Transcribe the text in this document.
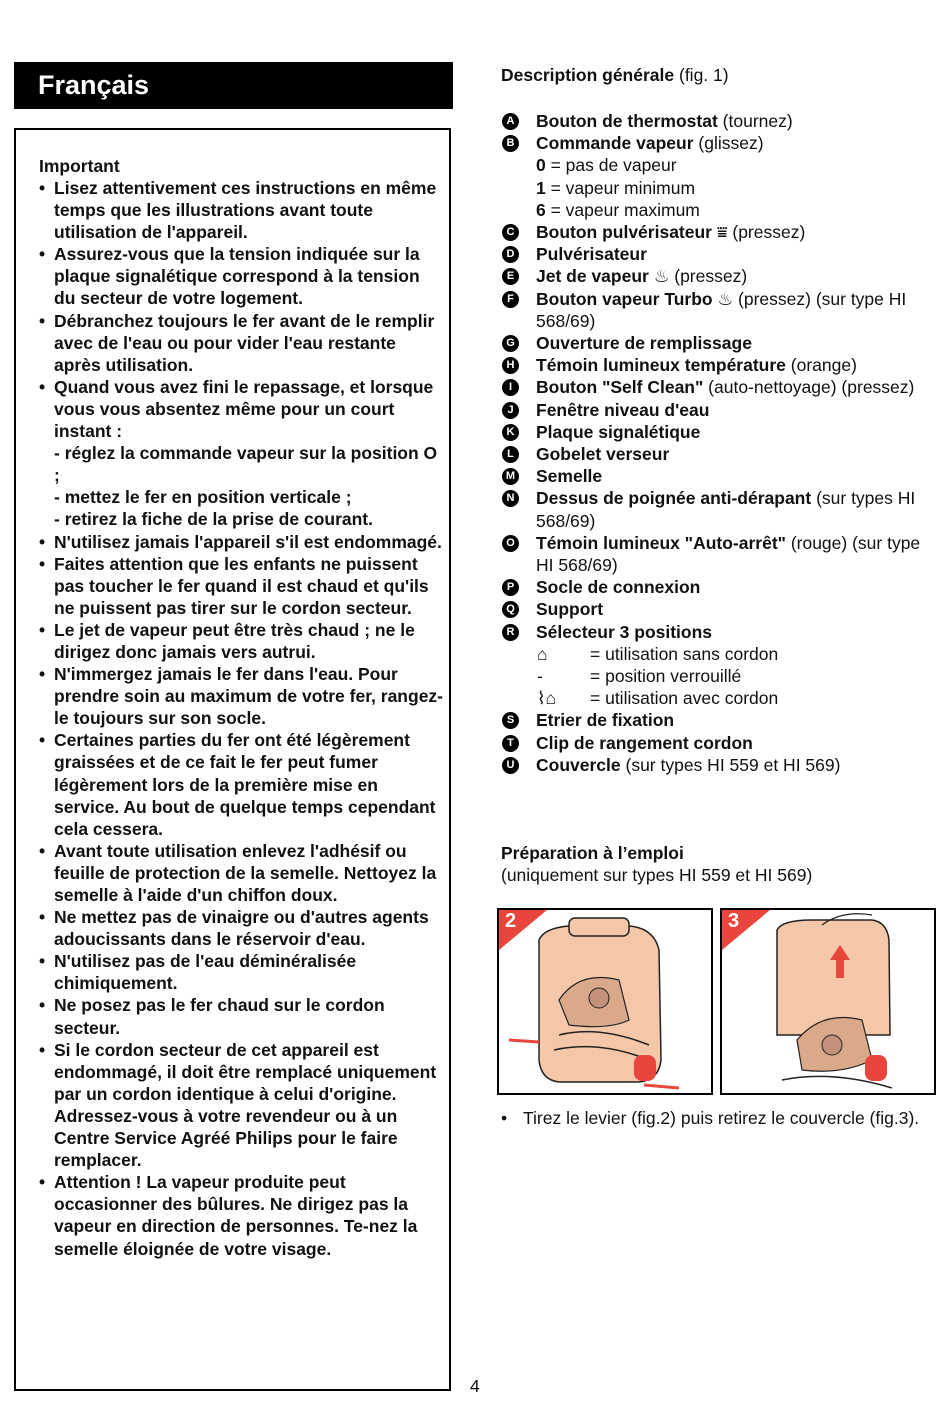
Français
Important
• Lisez attentivement ces instructions en même temps que les illustrations avant toute utilisation de l'appareil.
• Assurez-vous que la tension indiquée sur la plaque signalétique correspond à la tension du secteur de votre logement.
• Débranchez toujours le fer avant de le remplir avec de l'eau ou pour vider l'eau restante après utilisation.
• Quand vous avez fini le repassage, et lorsque vous vous absentez même pour un court instant :
- réglez la commande vapeur sur la position O ;
- mettez le fer en position verticale ;
- retirez la fiche de la prise de courant.
• N'utilisez jamais l'appareil s'il est endommagé.
• Faites attention que les enfants ne puissent pas toucher le fer quand il est chaud et qu'ils ne puissent pas tirer sur le cordon secteur.
• Le jet de vapeur peut être très chaud ; ne le dirigez donc jamais vers autrui.
• N'immergez jamais le fer dans l'eau. Pour prendre soin au maximum de votre fer, rangez-le toujours sur son socle.
• Certaines parties du fer ont été légèrement graissées et de ce fait le fer peut fumer légèrement lors de la première mise en service. Au bout de quelque temps cependant cela cessera.
• Avant toute utilisation enlevez l'adhésif ou feuille de protection de la semelle. Nettoyez la semelle à l'aide d'un chiffon doux.
• Ne mettez pas de vinaigre ou d'autres agents adoucissants dans le réservoir d'eau.
• N'utilisez pas de l'eau déminéralisée chimiquement.
• Ne posez pas le fer chaud sur le cordon secteur.
• Si le cordon secteur de cet appareil est endommagé, il doit être remplacé uniquement par un cordon identique à celui d'origine.
Adressez-vous à votre revendeur ou à un Centre Service Agréé Philips pour le faire remplacer.
• Attention ! La vapeur produite peut occasionner des bûlures. Ne dirigez pas la vapeur en direction de personnes. Te-nez la semelle éloignée de votre visage.
Description générale (fig. 1)
A Bouton de thermostat (tournez)
B Commande vapeur (glissez)
0 = pas de vapeur
1 = vapeur minimum
6 = vapeur maximum
C Bouton pulvérisateur ⩸ (pressez)
D Pulvérisateur
E Jet de vapeur ♨ (pressez)
F Bouton vapeur Turbo ♨ (pressez) (sur type HI 568/69)
G Ouverture de remplissage
H Témoin lumineux température (orange)
I	Bouton "Self Clean" (auto-nettoyage) (pressez)
J	Fenêtre niveau d'eau
K Plaque signalétique
L Gobelet verseur
M Semelle
N Dessus de poignée anti-dérapant (sur types HI 568/69)
O Témoin lumineux "Auto-arrêt" (rouge) (sur type HI 568/69)
P Socle de connexion
Q Support
R Sélecteur 3 positions
⌂	= utilisation sans cordon
-	= position verrouillé
⌇⌂	= utilisation avec cordon
S Etrier de fixation
T Clip de rangement cordon
U Couvercle (sur types HI 559 et HI 569)
Préparation à l’emploi
(uniquement sur types HI 559 et HI 569)
2	3
• Tirez le levier (fig.2) puis retirez le couvercle (fig.3).
4
